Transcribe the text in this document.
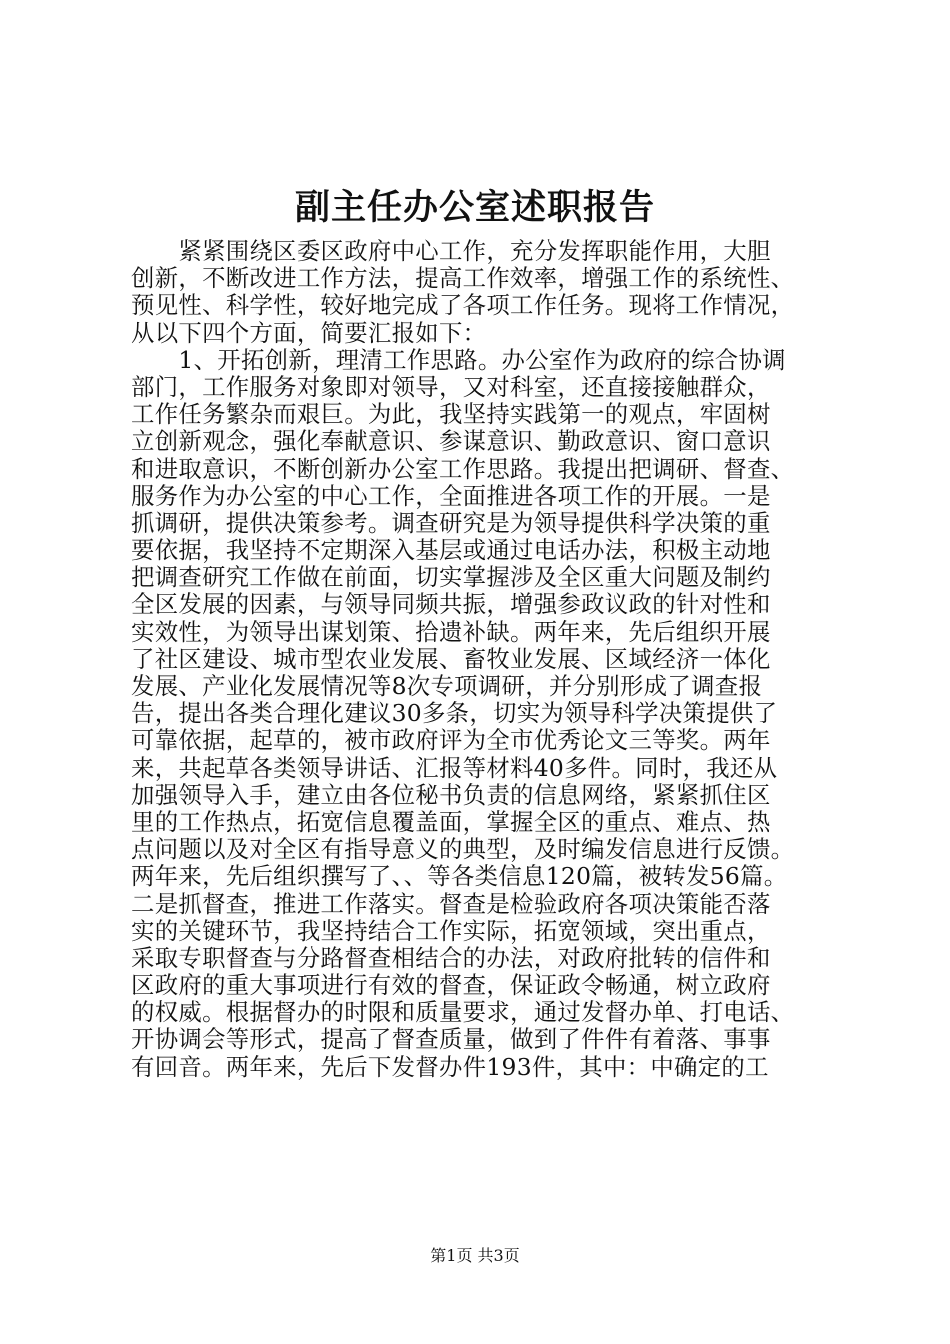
副主任办公室述职报告
　　紧紧围绕区委区政府中心工作，充分发挥职能作用，大胆
创新，不断改进工作方法，提高工作效率，增强工作的系统性、
预见性、科学性，较好地完成了各项工作任务。现将工作情况，
从以下四个方面，简要汇报如下：
　　1、开拓创新，理清工作思路。办公室作为政府的综合协调
部门，工作服务对象即对领导，又对科室，还直接接触群众，
工作任务繁杂而艰巨。为此，我坚持实践第一的观点，牢固树
立创新观念，强化奉献意识、参谋意识、勤政意识、窗口意识
和进取意识，不断创新办公室工作思路。我提出把调研、督查、
服务作为办公室的中心工作，全面推进各项工作的开展。一是
抓调研，提供决策参考。调查研究是为领导提供科学决策的重
要依据，我坚持不定期深入基层或通过电话办法，积极主动地
把调查研究工作做在前面，切实掌握涉及全区重大问题及制约
全区发展的因素，与领导同频共振，增强参政议政的针对性和
实效性，为领导出谋划策、拾遗补缺。两年来，先后组织开展
了社区建设、城市型农业发展、畜牧业发展、区域经济一体化
发展、产业化发展情况等8次专项调研，并分别形成了调查报
告，提出各类合理化建议30多条，切实为领导科学决策提供了
可靠依据，起草的，被市政府评为全市优秀论文三等奖。两年
来，共起草各类领导讲话、汇报等材料40多件。同时，我还从
加强领导入手，建立由各位秘书负责的信息网络，紧紧抓住区
里的工作热点，拓宽信息覆盖面，掌握全区的重点、难点、热
点问题以及对全区有指导意义的典型，及时编发信息进行反馈。
两年来，先后组织撰写了、、等各类信息120篇，被转发56篇。
二是抓督查，推进工作落实。督查是检验政府各项决策能否落
实的关键环节，我坚持结合工作实际，拓宽领域，突出重点，
采取专职督查与分路督查相结合的办法，对政府批转的信件和
区政府的重大事项进行有效的督查，保证政令畅通，树立政府
的权威。根据督办的时限和质量要求，通过发督办单、打电话、
开协调会等形式，提高了督查质量，做到了件件有着落、事事
有回音。两年来，先后下发督办件193件，其中：中确定的工
第1页 共3页
